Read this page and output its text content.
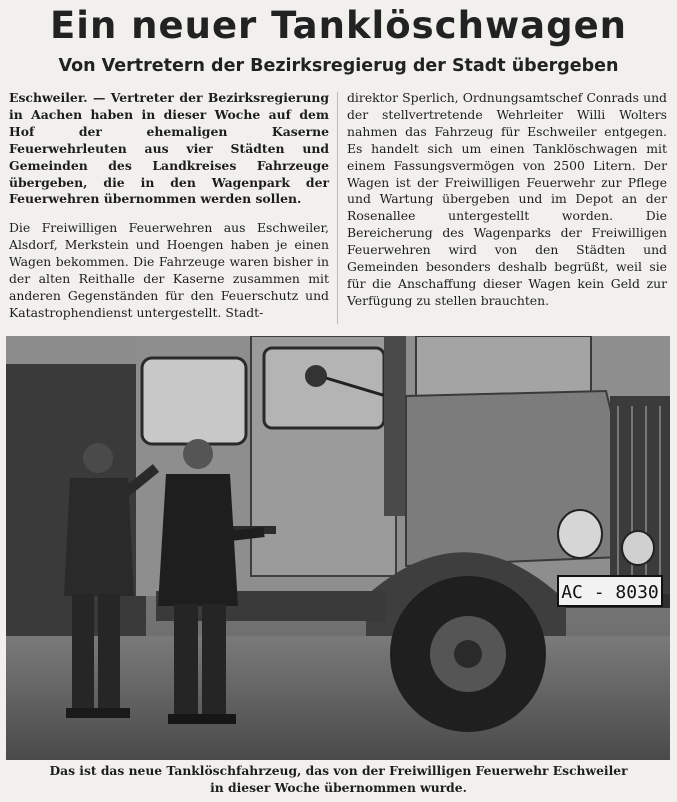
Ein neuer Tanklöschwagen
Von Vertretern der Bezirksregierug der Stadt übergeben

Eschweiler. — Vertreter der Bezirksregierung in Aachen haben in dieser Woche auf dem Hof der ehemaligen Kaserne Feuerwehrleuten aus vier Städten und Gemeinden des Landkreises Fahrzeuge übergeben, die in den Wagenpark der Feuerwehren übernommen werden sollen.

Die Freiwilligen Feuerwehren aus Eschweiler, Alsdorf, Merkstein und Hoengen haben je einen Wagen bekommen. Die Fahrzeuge waren bisher in der alten Reithalle der Kaserne zusammen mit anderen Gegenständen für den Feuerschutz und Katastrophendienst untergestellt. Stadt-

direktor Sperlich, Ordnungsamtschef Conrads und der stellvertretende Wehrleiter Willi Wolters nahmen das Fahrzeug für Eschweiler entgegen. Es handelt sich um einen Tanklöschwagen mit einem Fassungsvermögen von 2500 Litern. Der Wagen ist der Freiwilligen Feuerwehr zur Pflege und Wartung übergeben und im Depot an der Rosenallee untergestellt worden. Die Bereicherung des Wagenparks der Freiwilligen Feuerwehren wird von den Städten und Gemeinden besonders deshalb begrüßt, weil sie für die Anschaffung dieser Wagen kein Geld zur Verfügung zu stellen brauchten.

AC - 8030
Das ist das neue Tanklöschfahrzeug, das von der Freiwilligen Feuerwehr Eschweiler
in dieser Woche übernommen wurde.
